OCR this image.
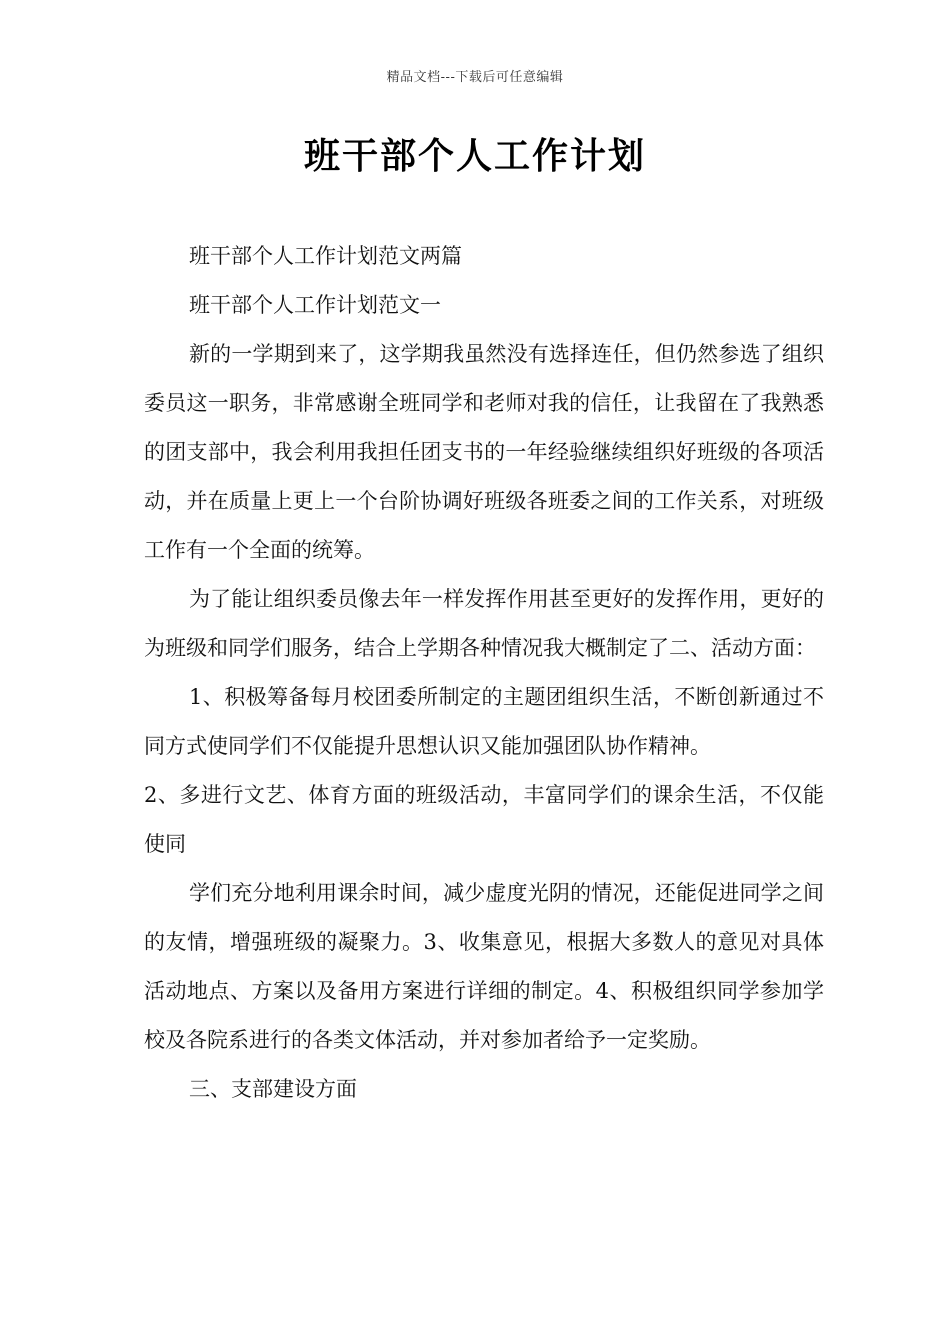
精品文档---下载后可任意编辑
班干部个人工作计划

班干部个人工作计划范文两篇

班干部个人工作计划范文一

新的一学期到来了，这学期我虽然没有选择连任，但仍然参选了组织委员这一职务，非常感谢全班同学和老师对我的信任，让我留在了我熟悉的团支部中，我会利用我担任团支书的一年经验继续组织好班级的各项活动，并在质量上更上一个台阶协调好班级各班委之间的工作关系，对班级工作有一个全面的统筹。

为了能让组织委员像去年一样发挥作用甚至更好的发挥作用，更好的为班级和同学们服务，结合上学期各种情况我大概制定了二、活动方面：

1、积极筹备每月校团委所制定的主题团组织生活，不断创新通过不同方式使同学们不仅能提升思想认识又能加强团队协作精神。

2、多进行文艺、体育方面的班级活动，丰富同学们的课余生活，不仅能使同

学们充分地利用课余时间，减少虚度光阴的情况，还能促进同学之间的友情，增强班级的凝聚力。3、收集意见，根据大多数人的意见对具体活动地点、方案以及备用方案进行详细的制定。4、积极组织同学参加学校及各院系进行的各类文体活动，并对参加者给予一定奖励。

三、支部建设方面
